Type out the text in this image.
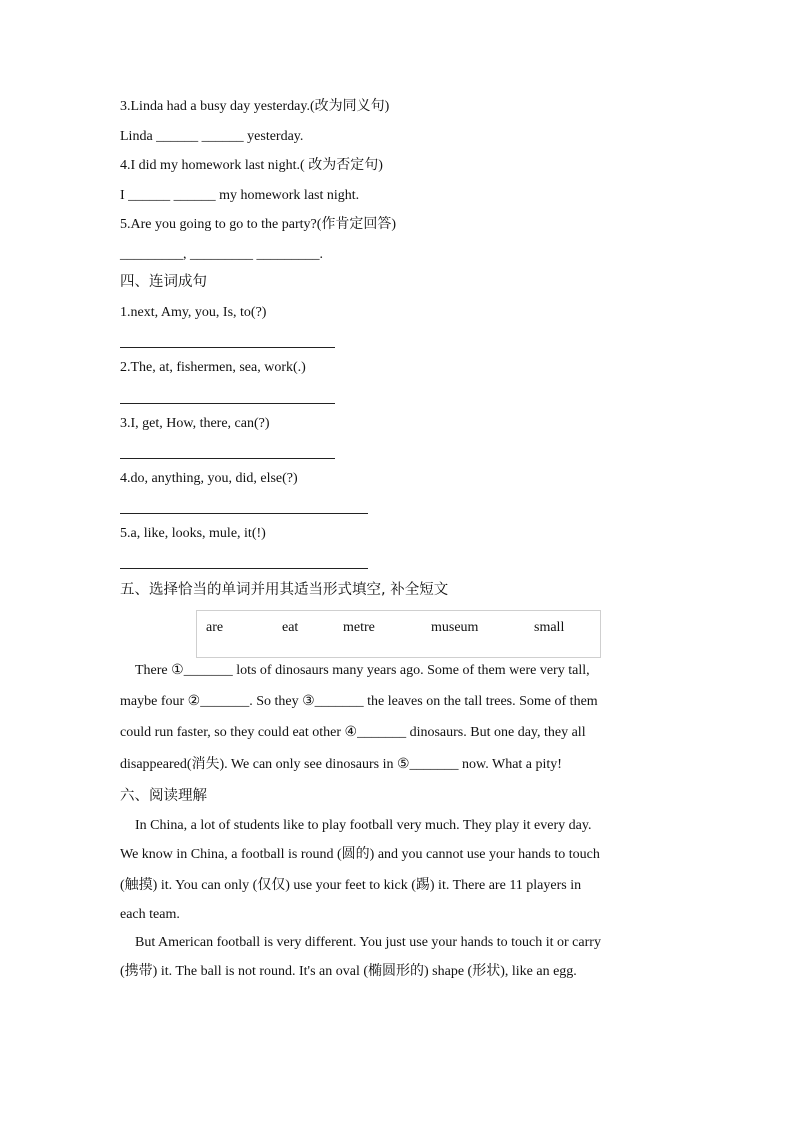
3.Linda had a busy day yesterday.(改为同义句)
Linda ______ ______ yesterday.
4.I did my homework last night.( 改为否定句)
I ______ ______ my homework last night.
5.Are you going to go to the party?(作肯定回答)
_________, _________ _________.
四、连词成句
1.next, Amy, you, Is, to(?)
2.The, at, fishermen, sea, work(.)
3.I, get, How, there, can(?)
4.do, anything, you, did, else(?)
5.a, like, looks, mule, it(!)
五、选择恰当的单词并用其适当形式填空, 补全短文
are	eat	metre	museum	small
There ①_______ lots of dinosaurs many years ago. Some of them were very tall,
maybe four ②_______. So they ③_______ the leaves on the tall trees. Some of them
could run faster, so they could eat other ④_______ dinosaurs. But one day, they all
disappeared(消失). We can only see dinosaurs in ⑤_______ now. What a pity!
六、阅读理解
In China, a lot of students like to play football very much. They play it every day.
We know in China, a football is round (圆的) and you cannot use your hands to touch
(触摸) it. You can only (仅仅) use your feet to kick (踢) it. There are 11 players in
each team.
But American football is very different. You just use your hands to touch it or carry
(携带) it. The ball is not round. It's an oval (椭圆形的) shape (形状), like an egg.
